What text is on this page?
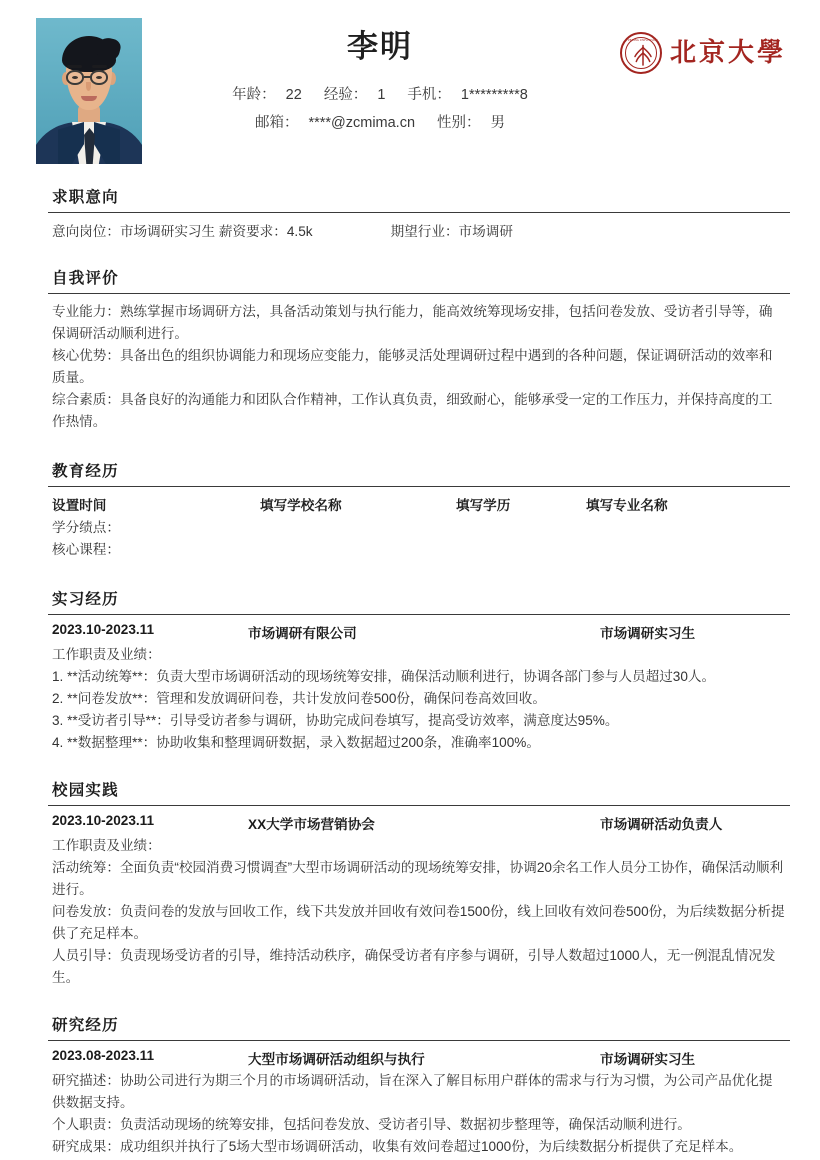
李明
年龄： 22 经验： 1 手机： 1*********8
邮箱： ****@zcmima.cn 性别： 男
PEKING UNIVERSITY 北京大學
求职意向
意向岗位：市场调研实习生 薪资要求：4.5k	期望行业：市场调研
自我评价
专业能力：熟练掌握市场调研方法，具备活动策划与执行能力，能高效统筹现场安排，包括问卷发放、受访者引导等，确保调研活动顺利进行。
核心优势：具备出色的组织协调能力和现场应变能力，能够灵活处理调研过程中遇到的各种问题，保证调研活动的效率和质量。
综合素质：具备良好的沟通能力和团队合作精神，工作认真负责，细致耐心，能够承受一定的工作压力，并保持高度的工作热情。
教育经历
设置时间	填写学校名称	填写学历	填写专业名称
学分绩点：
核心课程：
实习经历
2023.10-2023.11	市场调研有限公司	市场调研实习生
工作职责及业绩：
1. **活动统筹**：负责大型市场调研活动的现场统筹安排，确保活动顺利进行，协调各部门参与人员超过30人。
2. **问卷发放**：管理和发放调研问卷，共计发放问卷500份，确保问卷高效回收。
3. **受访者引导**：引导受访者参与调研，协助完成问卷填写，提高受访效率，满意度达95%。
4. **数据整理**：协助收集和整理调研数据，录入数据超过200条，准确率100%。
校园实践
2023.10-2023.11	XX大学市场营销协会	市场调研活动负责人
工作职责及业绩：
活动统筹：全面负责“校园消费习惯调查”大型市场调研活动的现场统筹安排，协调20余名工作人员分工协作，确保活动顺利进行。
问卷发放：负责问卷的发放与回收工作，线下共发放并回收有效问卷1500份，线上回收有效问卷500份，为后续数据分析提供了充足样本。
人员引导：负责现场受访者的引导，维持活动秩序，确保受访者有序参与调研，引导人数超过1000人，无一例混乱情况发生。
研究经历
2023.08-2023.11	大型市场调研活动组织与执行	市场调研实习生
研究描述：协助公司进行为期三个月的市场调研活动，旨在深入了解目标用户群体的需求与行为习惯，为公司产品优化提供数据支持。
个人职责：负责活动现场的统筹安排，包括问卷发放、受访者引导、数据初步整理等，确保活动顺利进行。
研究成果：成功组织并执行了5场大型市场调研活动，收集有效问卷超过1000份，为后续数据分析提供了充足样本。
